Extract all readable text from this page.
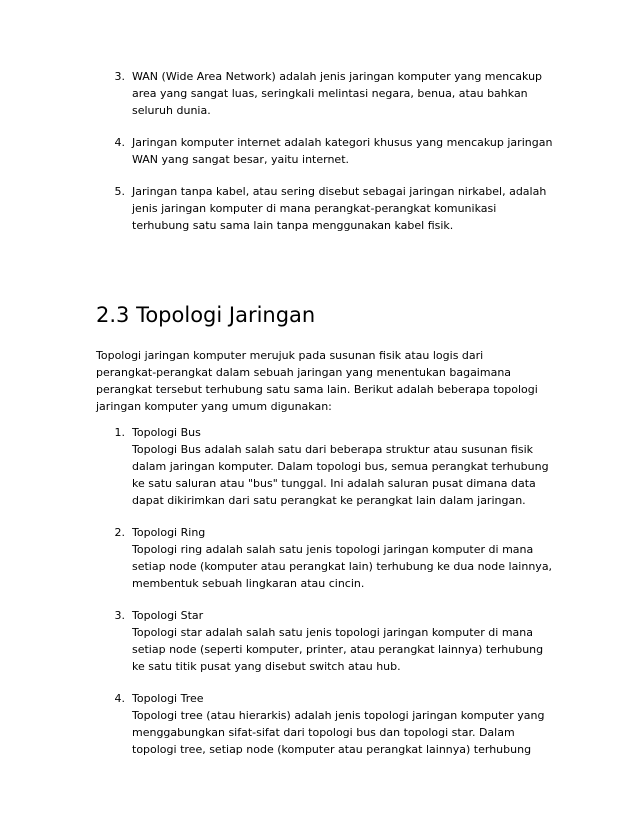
3. WAN (Wide Area Network) adalah jenis jaringan komputer yang mencakup area yang sangat luas, seringkali melintasi negara, benua, atau bahkan seluruh dunia.
4. Jaringan komputer internet adalah kategori khusus yang mencakup jaringan WAN yang sangat besar, yaitu internet.
5. Jaringan tanpa kabel, atau sering disebut sebagai jaringan nirkabel, adalah jenis jaringan komputer di mana perangkat-perangkat komunikasi terhubung satu sama lain tanpa menggunakan kabel fisik.
2.3 Topologi Jaringan

Topologi jaringan komputer merujuk pada susunan fisik atau logis dari perangkat-perangkat dalam sebuah jaringan yang menentukan bagaimana perangkat tersebut terhubung satu sama lain. Berikut adalah beberapa topologi jaringan komputer yang umum digunakan:

1. Topologi Bus
Topologi Bus adalah salah satu dari beberapa struktur atau susunan fisik dalam jaringan komputer. Dalam topologi bus, semua perangkat terhubung ke satu saluran atau "bus" tunggal. Ini adalah saluran pusat dimana data dapat dikirimkan dari satu perangkat ke perangkat lain dalam jaringan.
2. Topologi Ring
Topologi ring adalah salah satu jenis topologi jaringan komputer di mana setiap node (komputer atau perangkat lain) terhubung ke dua node lainnya, membentuk sebuah lingkaran atau cincin.
3. Topologi Star
Topologi star adalah salah satu jenis topologi jaringan komputer di mana setiap node (seperti komputer, printer, atau perangkat lainnya) terhubung ke satu titik pusat yang disebut switch atau hub.
4. Topologi Tree
Topologi tree (atau hierarkis) adalah jenis topologi jaringan komputer yang menggabungkan sifat-sifat dari topologi bus dan topologi star. Dalam topologi tree, setiap node (komputer atau perangkat lainnya) terhubung
